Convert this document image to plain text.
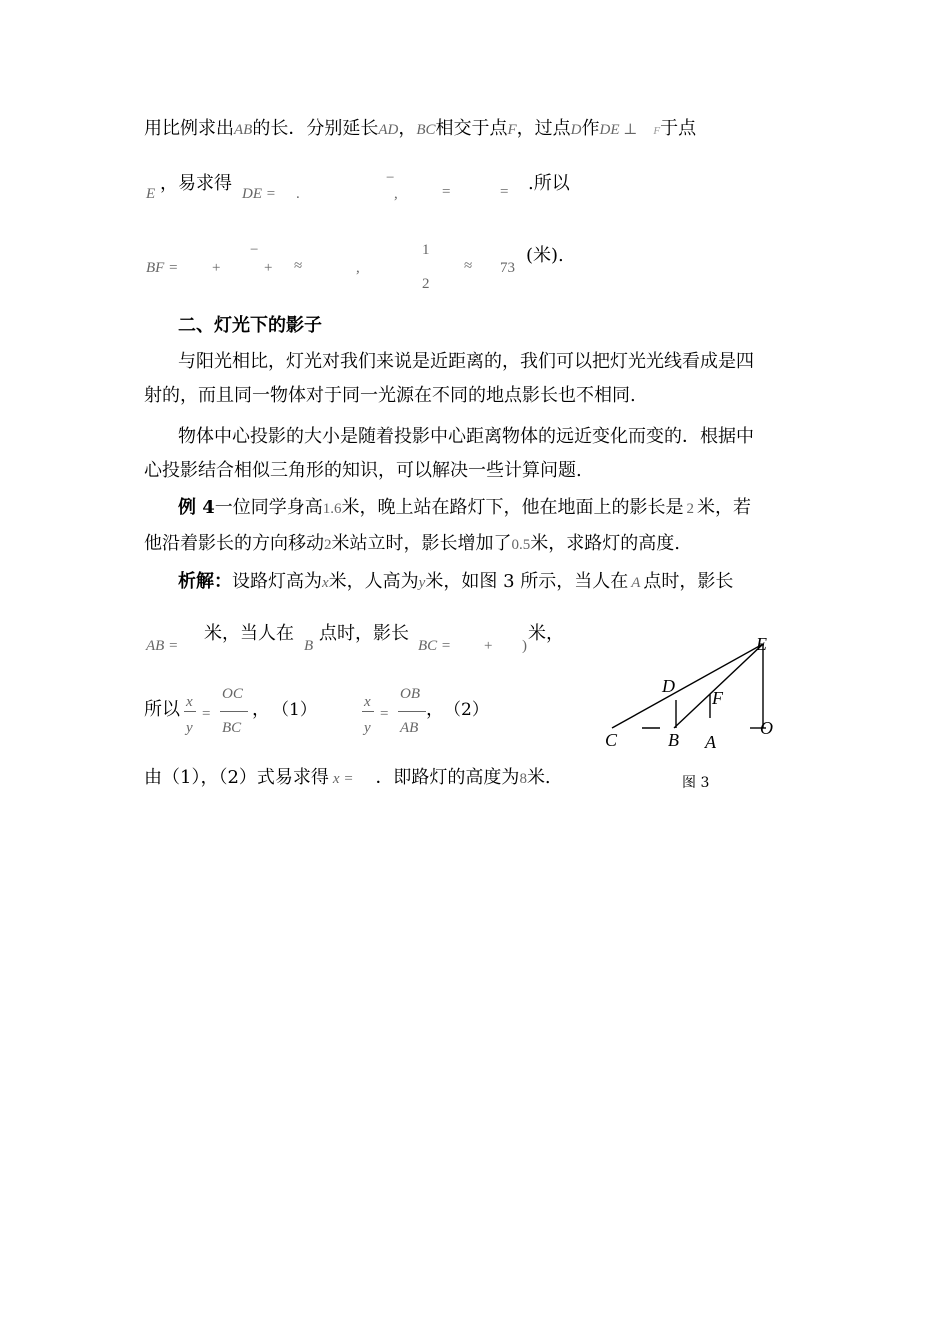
用比例求出AB的长．分别延长AD，BC相交于点F，过点D作DE ⊥ F于点
E ，易求得 DE = .
−
,	=	= .所以
BF = +
−
+ ≈	,
1
2
≈ 73
(米).
二、灯光下的影子
与阳光相比，灯光对我们来说是近距离的，我们可以把灯光光线看成是四
射的，而且同一物体对于同一光源在不同的地点影长也不相同.
物体中心投影的大小是随着投影中心距离物体的远近变化而变的．根据中
心投影结合相似三角形的知识，可以解决一些计算问题.
例 4一位同学身高1.6米，晚上站在路灯下，他在地面上的影长是 2 米，若
他沿着影长的方向移动2米站立时，影长增加了0.5米，求路灯的高度.
析解：设路灯高为x米，人高为y米，如图 3 所示，当人在 A 点时，影长
AB =
米，当人在
B
点时，影长
BC = + )
米，
所以 x
y
=
OC
BC
， （1）	x
y
=
OB
AB
， （2）
由（1），（2）式易求得 x = ．即路灯的高度为8米.
E
D
F
C	B A
O
图 3
